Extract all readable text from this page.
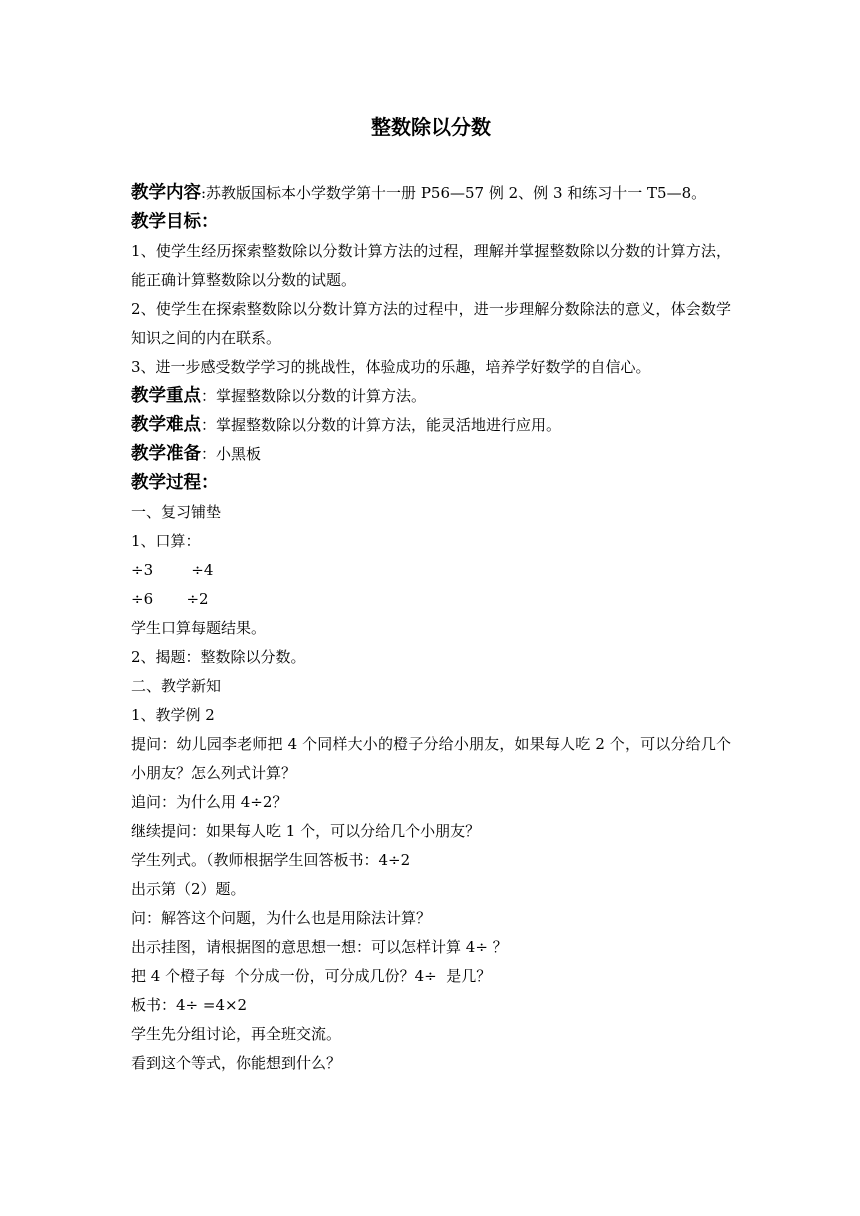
整数除以分数

教学内容:苏教版国标本小学数学第十一册 P56—57 例 2、例 3 和练习十一 T5—8。

教学目标：

1、使学生经历探索整数除以分数计算方法的过程，理解并掌握整数除以分数的计算方法，能正确计算整数除以分数的试题。

2、使学生在探索整数除以分数计算方法的过程中，进一步理解分数除法的意义，体会数学知识之间的内在联系。

3、进一步感受数学学习的挑战性，体验成功的乐趣，培养学好数学的自信心。

教学重点：掌握整数除以分数的计算方法。

教学难点：掌握整数除以分数的计算方法，能灵活地进行应用。

教学准备：小黑板

教学过程：

一、复习铺垫

1、口算：

÷3        ÷4

÷6       ÷2

学生口算每题结果。

2、揭题：整数除以分数。

二、教学新知

1、教学例 2

提问：幼儿园李老师把 4 个同样大小的橙子分给小朋友，如果每人吃 2 个，可以分给几个小朋友？怎么列式计算？

追问：为什么用 4÷2？

继续提问：如果每人吃 1 个，可以分给几个小朋友？

学生列式。（教师根据学生回答板书：4÷2

出示第（2）题。

问：解答这个问题，为什么也是用除法计算？

出示挂图，请根据图的意思想一想：可以怎样计算 4÷ ？

把 4 个橙子每  个分成一份，可分成几份？4÷  是几？

板书：4÷ =4×2

学生先分组讨论，再全班交流。

看到这个等式，你能想到什么？
